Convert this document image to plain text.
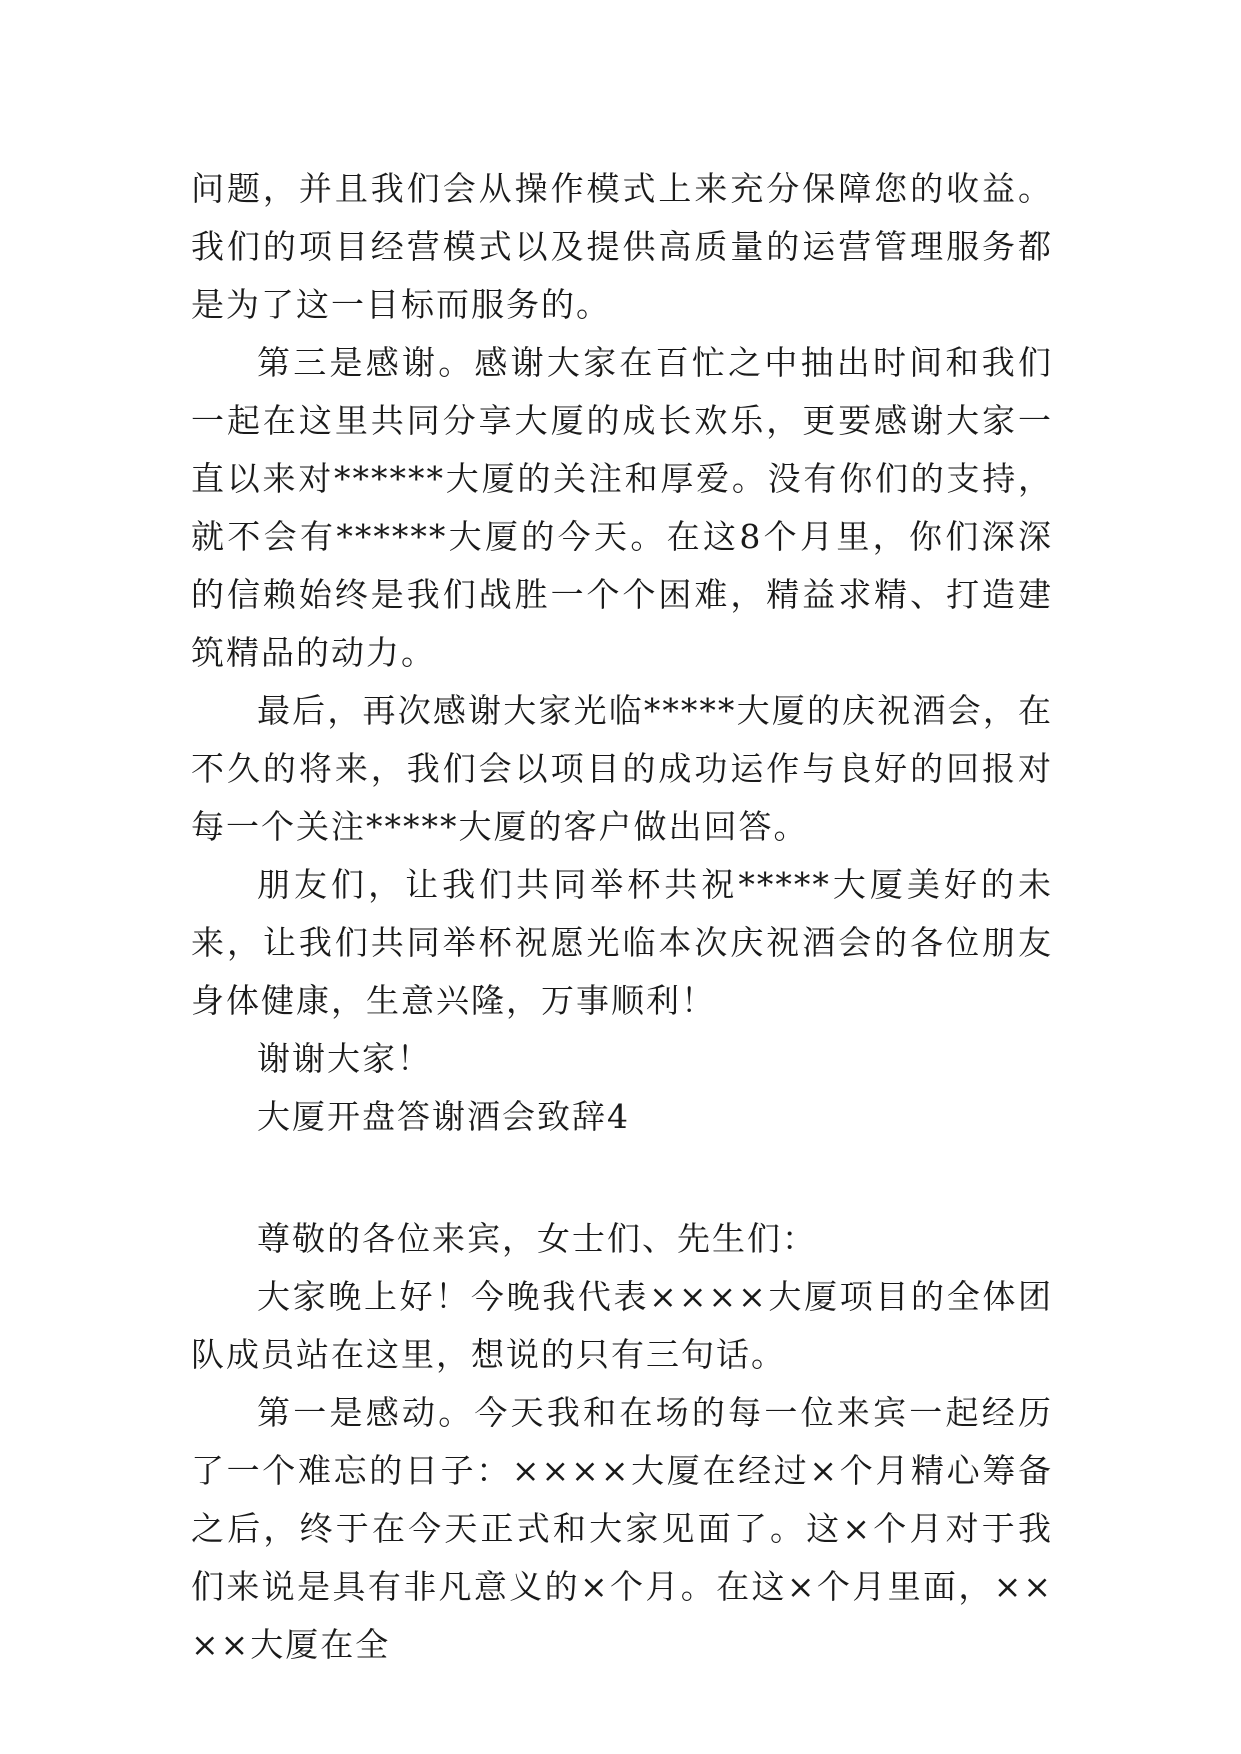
问题，并且我们会从操作模式上来充分保障您的收益。我们的项目经营模式以及提供高质量的运营管理服务都是为了这一目标而服务的。

第三是感谢。感谢大家在百忙之中抽出时间和我们一起在这里共同分享大厦的成长欢乐，更要感谢大家一直以来对******大厦的关注和厚爱。没有你们的支持，就不会有******大厦的今天。在这8个月里，你们深深的信赖始终是我们战胜一个个困难，精益求精、打造建筑精品的动力。

最后，再次感谢大家光临*****大厦的庆祝酒会，在不久的将来，我们会以项目的成功运作与良好的回报对每一个关注*****大厦的客户做出回答。

朋友们，让我们共同举杯共祝*****大厦美好的未来，让我们共同举杯祝愿光临本次庆祝酒会的各位朋友身体健康，生意兴隆，万事顺利！

谢谢大家！

大厦开盘答谢酒会致辞4

尊敬的各位来宾，女士们、先生们：

大家晚上好！今晚我代表××××大厦项目的全体团队成员站在这里，想说的只有三句话。

第一是感动。今天我和在场的每一位来宾一起经历了一个难忘的日子：××××大厦在经过×个月精心筹备之后，终于在今天正式和大家见面了。这×个月对于我们来说是具有非凡意义的×个月。在这×个月里面，××××大厦在全
